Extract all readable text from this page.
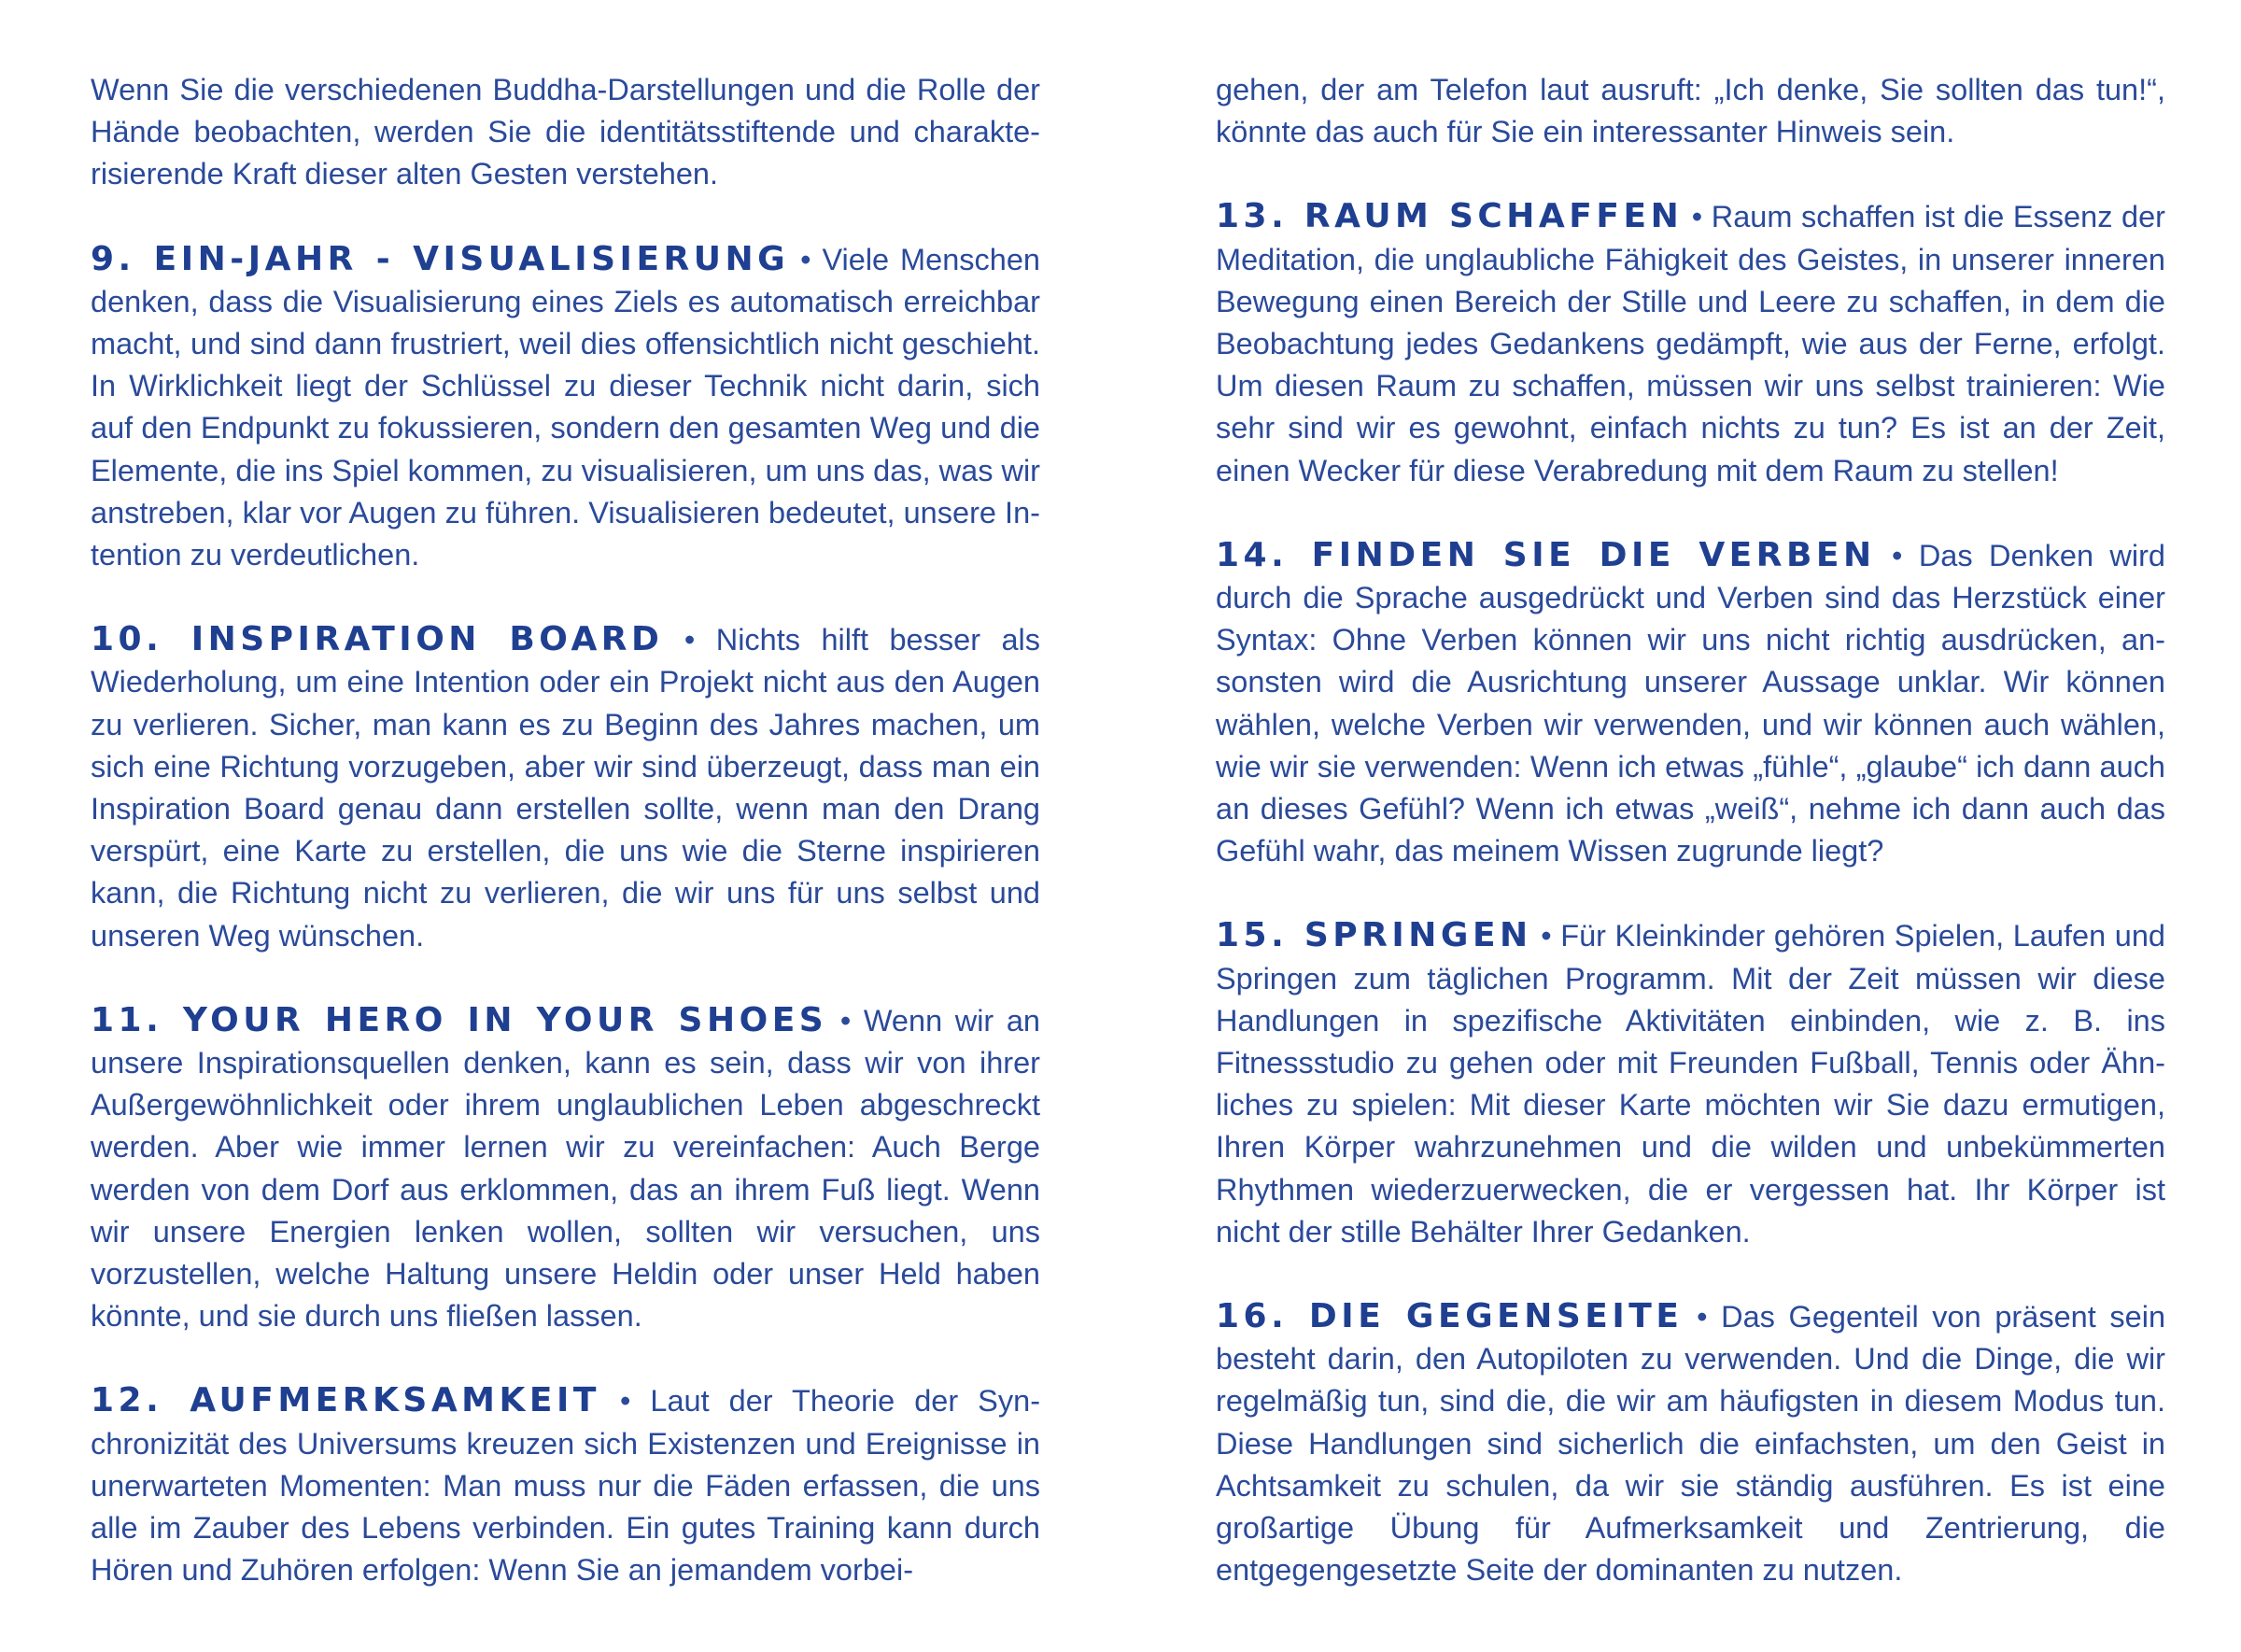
Wenn Sie die verschiedenen Buddha-Darstellungen und die Rolle der Hände beobachten, werden Sie die identitätsstiftende und charakterisierende Kraft dieser alten Gesten verstehen.

9. EIN-JAHR - VISUALISIERUNG • Viele Menschen denken, dass die Visualisierung eines Ziels es automatisch erreichbar macht, und sind dann frustriert, weil dies offensichtlich nicht geschieht. In Wirklichkeit liegt der Schlüssel zu dieser Technik nicht darin, sich auf den Endpunkt zu fokussieren, sondern den gesamten Weg und die Elemente, die ins Spiel kommen, zu visualisieren, um uns das, was wir anstreben, klar vor Augen zu führen. Visualisieren bedeutet, unsere Intention zu verdeutlichen.

10. INSPIRATION BOARD • Nichts hilft besser als Wiederholung, um eine Intention oder ein Projekt nicht aus den Augen zu verlieren. Sicher, man kann es zu Beginn des Jahres machen, um sich eine Richtung vorzugeben, aber wir sind überzeugt, dass man ein Inspiration Board genau dann erstellen sollte, wenn man den Drang verspürt, eine Karte zu erstellen, die uns wie die Sterne inspirieren kann, die Richtung nicht zu verlieren, die wir uns für uns selbst und unseren Weg wünschen.

11. YOUR HERO IN YOUR SHOES • Wenn wir an unsere Inspirationsquellen denken, kann es sein, dass wir von ihrer Außergewöhnlichkeit oder ihrem unglaublichen Leben abgeschreckt werden. Aber wie immer lernen wir zu vereinfachen: Auch Berge werden von dem Dorf aus erklommen, das an ihrem Fuß liegt. Wenn wir unsere Energien lenken wollen, sollten wir versuchen, uns vorzustellen, welche Haltung unsere Heldin oder unser Held haben könnte, und sie durch uns fließen lassen.

12. AUFMERKSAMKEIT • Laut der Theorie der Synchronizität des Universums kreuzen sich Existenzen und Ereignisse in unerwarteten Momenten: Man muss nur die Fäden erfassen, die uns alle im Zauber des Lebens verbinden. Ein gutes Training kann durch Hören und Zuhören erfolgen: Wenn Sie an jemandem vorbei-

gehen, der am Telefon laut ausruft: „Ich denke, Sie sollten das tun!“, könnte das auch für Sie ein interessanter Hinweis sein.

13. RAUM SCHAFFEN • Raum schaffen ist die Essenz der Meditation, die unglaubliche Fähigkeit des Geistes, in unserer inneren Bewegung einen Bereich der Stille und Leere zu schaffen, in dem die Beobachtung jedes Gedankens gedämpft, wie aus der Ferne, erfolgt. Um diesen Raum zu schaffen, müssen wir uns selbst trainieren: Wie sehr sind wir es gewohnt, einfach nichts zu tun? Es ist an der Zeit, einen Wecker für diese Verabredung mit dem Raum zu stellen!

14. FINDEN SIE DIE VERBEN • Das Denken wird durch die Sprache ausgedrückt und Verben sind das Herzstück einer Syntax: Ohne Verben können wir uns nicht richtig ausdrücken, ansonsten wird die Ausrichtung unserer Aussage unklar. Wir können wählen, welche Verben wir verwenden, und wir können auch wählen, wie wir sie verwenden: Wenn ich etwas „fühle“, „glaube“ ich dann auch an dieses Gefühl? Wenn ich etwas „weiß“, nehme ich dann auch das Gefühl wahr, das meinem Wissen zugrunde liegt?

15. SPRINGEN • Für Kleinkinder gehören Spielen, Laufen und Springen zum täglichen Programm. Mit der Zeit müssen wir diese Handlungen in spezifische Aktivitäten einbinden, wie z. B. ins Fitnessstudio zu gehen oder mit Freunden Fußball, Tennis oder Ähnliches zu spielen: Mit dieser Karte möchten wir Sie dazu ermutigen, Ihren Körper wahrzunehmen und die wilden und unbekümmerten Rhythmen wiederzuerwecken, die er vergessen hat. Ihr Körper ist nicht der stille Behälter Ihrer Gedanken.

16. DIE GEGENSEITE • Das Gegenteil von präsent sein besteht darin, den Autopiloten zu verwenden. Und die Dinge, die wir regelmäßig tun, sind die, die wir am häufigsten in diesem Modus tun. Diese Handlungen sind sicherlich die einfachsten, um den Geist in Achtsamkeit zu schulen, da wir sie ständig ausführen. Es ist eine großartige Übung für Aufmerksamkeit und Zentrierung, die entgegengesetzte Seite der dominanten zu nutzen.
